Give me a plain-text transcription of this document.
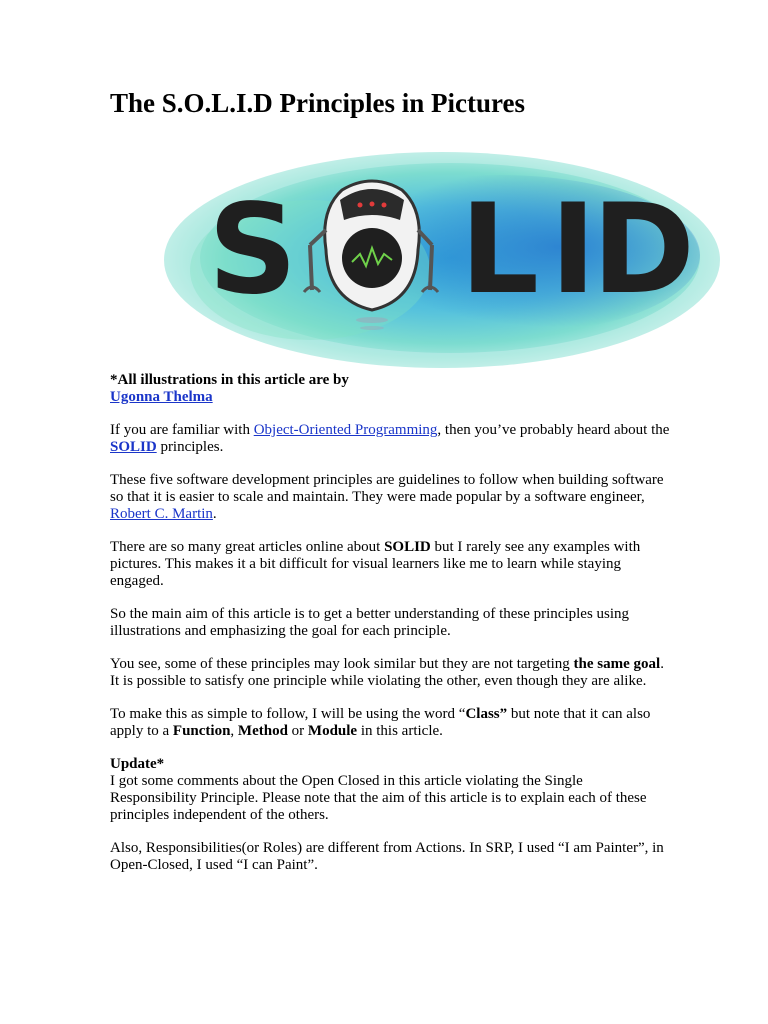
The S.O.L.I.D Principles in Pictures
S L I
D

*All illustrations in this article are by
Ugonna Thelma

If you are familiar with Object-Oriented Programming, then you’ve probably heard about the SOLID principles.

These five software development principles are guidelines to follow when building software so that it is easier to scale and maintain. They were made popular by a software engineer, Robert C. Martin.

There are so many great articles online about SOLID but I rarely see any examples with pictures. This makes it a bit difficult for visual learners like me to learn while staying engaged.

So the main aim of this article is to get a better understanding of these principles using illustrations and emphasizing the goal for each principle.

You see, some of these principles may look similar but they are not targeting the same goal. It is possible to satisfy one principle while violating the other, even though they are alike.

To make this as simple to follow, I will be using the word “Class” but note that it can also apply to a Function, Method or Module in this article.

Update*
I got some comments about the Open Closed in this article violating the Single Responsibility Principle. Please note that the aim of this article is to explain each of these principles independent of the others.

Also, Responsibilities(or Roles) are different from Actions. In SRP, I used “I am Painter”, in Open-Closed, I used “I can Paint”.
